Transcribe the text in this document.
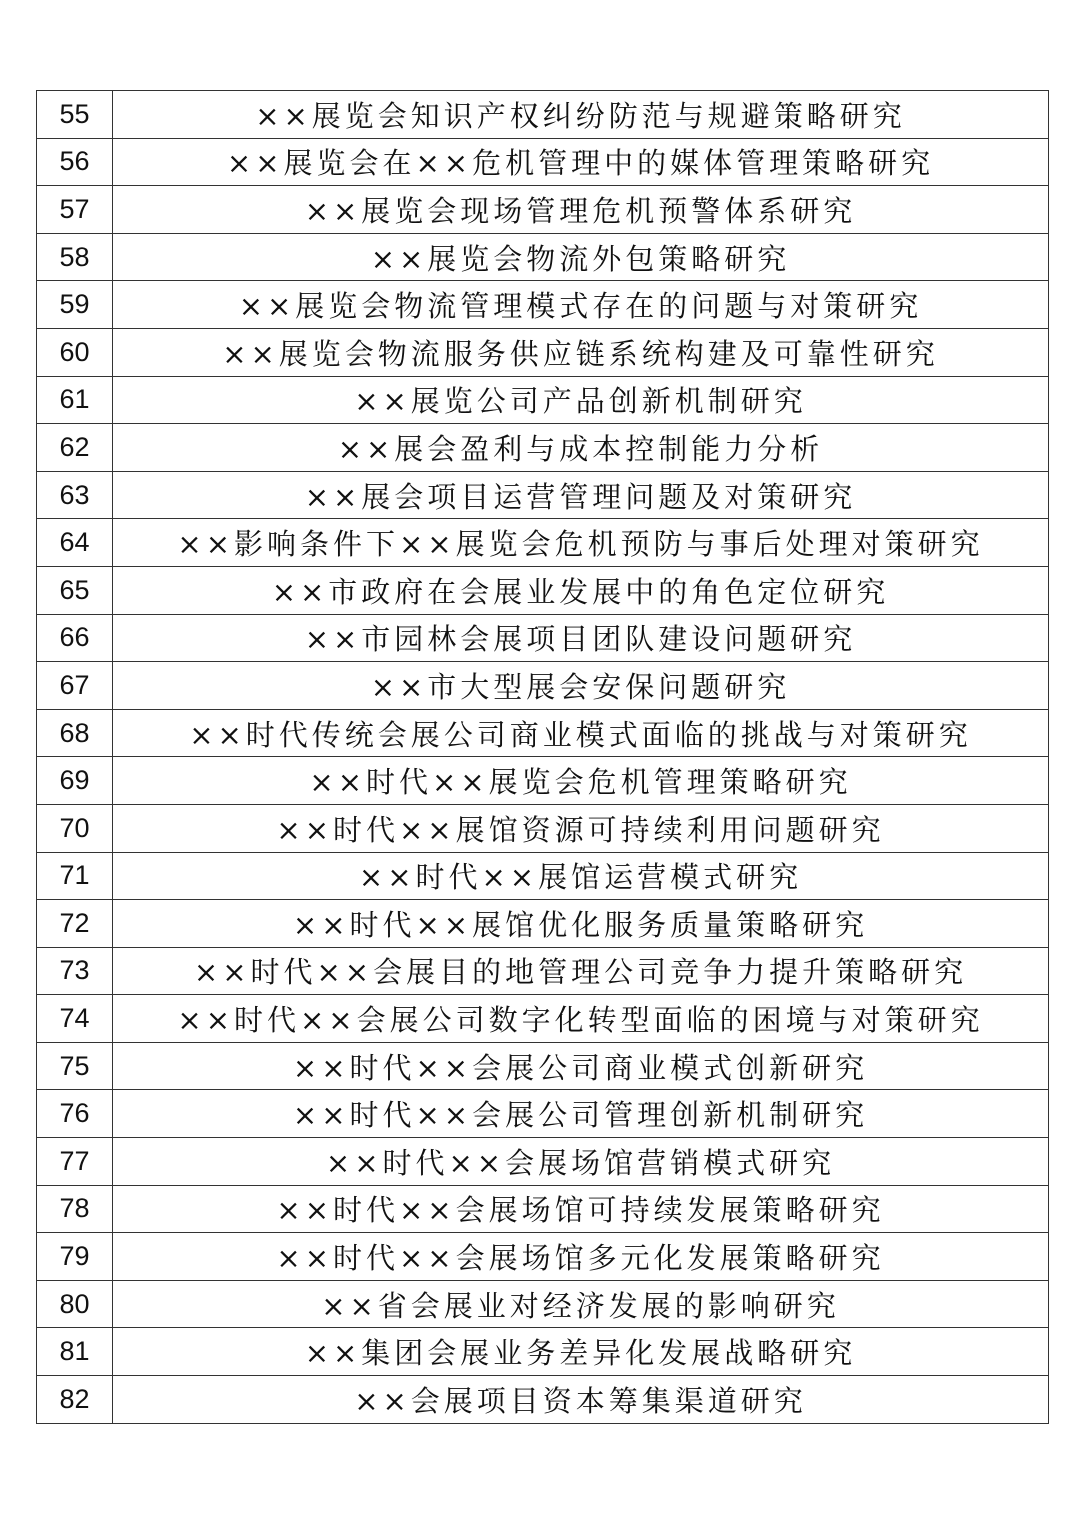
55	××展览会知识产权纠纷防范与规避策略研究
56	××展览会在××危机管理中的媒体管理策略研究
57	××展览会现场管理危机预警体系研究
58	××展览会物流外包策略研究
59	××展览会物流管理模式存在的问题与对策研究
60	××展览会物流服务供应链系统构建及可靠性研究
61	××展览公司产品创新机制研究
62	××展会盈利与成本控制能力分析
63	××展会项目运营管理问题及对策研究
64	××影响条件下××展览会危机预防与事后处理对策研究
65	××市政府在会展业发展中的角色定位研究
66	××市园林会展项目团队建设问题研究
67	××市大型展会安保问题研究
68	××时代传统会展公司商业模式面临的挑战与对策研究
69	××时代××展览会危机管理策略研究
70	××时代××展馆资源可持续利用问题研究
71	××时代××展馆运营模式研究
72	××时代××展馆优化服务质量策略研究
73	××时代××会展目的地管理公司竞争力提升策略研究
74	××时代××会展公司数字化转型面临的困境与对策研究
75	××时代××会展公司商业模式创新研究
76	××时代××会展公司管理创新机制研究
77	××时代××会展场馆营销模式研究
78	××时代××会展场馆可持续发展策略研究
79	××时代××会展场馆多元化发展策略研究
80	××省会展业对经济发展的影响研究
81	××集团会展业务差异化发展战略研究
82	××会展项目资本筹集渠道研究
